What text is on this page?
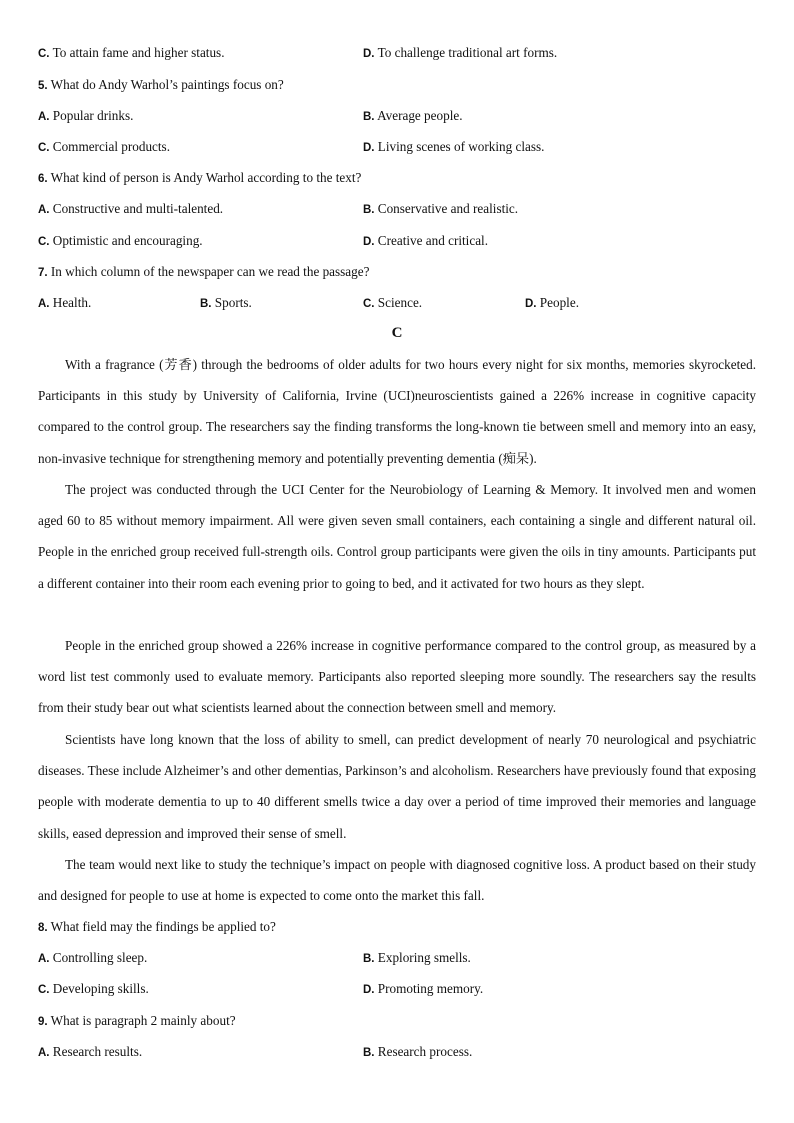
C. To attain fame and higher status.	D. To challenge traditional art forms.
5. What do Andy Warhol’s paintings focus on?
A. Popular drinks.	B. Average people.
C. Commercial products.	D. Living scenes of working class.
6. What kind of person is Andy Warhol according to the text?
A. Constructive and multi-talented.	B. Conservative and realistic.
C. Optimistic and encouraging.	D. Creative and critical.
7. In which column of the newspaper can we read the passage?
A. Health.	B. Sports.	C. Science.	D. People.
C

With a fragrance (芳香) through the bedrooms of older adults for two hours every night for six months, memories skyrocketed. Participants in this study by University of California, Irvine (UCI)neuroscientists gained a 226% increase in cognitive capacity compared to the control group. The researchers say the finding transforms the long-known tie between smell and memory into an easy, non-invasive technique for strengthening memory and potentially preventing dementia (痴呆).

The project was conducted through the UCI Center for the Neurobiology of Learning & Memory. It involved men and women aged 60 to 85 without memory impairment. All were given seven small containers, each containing a single and different natural oil. People in the enriched group received full-strength oils. Control group participants were given the oils in tiny amounts. Participants put a different container into their room each evening prior to going to bed, and it activated for two hours as they slept.

People in the enriched group showed a 226% increase in cognitive performance compared to the control group, as measured by a word list test commonly used to evaluate memory. Participants also reported sleeping more soundly. The researchers say the results from their study bear out what scientists learned about the connection between smell and memory.

Scientists have long known that the loss of ability to smell, can predict development of nearly 70 neurological and psychiatric diseases. These include Alzheimer’s and other dementias, Parkinson’s and alcoholism. Researchers have previously found that exposing people with moderate dementia to up to 40 different smells twice a day over a period of time improved their memories and language skills, eased depression and improved their sense of smell.

The team would next like to study the technique’s impact on people with diagnosed cognitive loss. A product based on their study and designed for people to use at home is expected to come onto the market this fall.

8. What field may the findings be applied to?
A. Controlling sleep.	B. Exploring smells.
C. Developing skills.	D. Promoting memory.
9. What is paragraph 2 mainly about?
A. Research results.	B. Research process.
